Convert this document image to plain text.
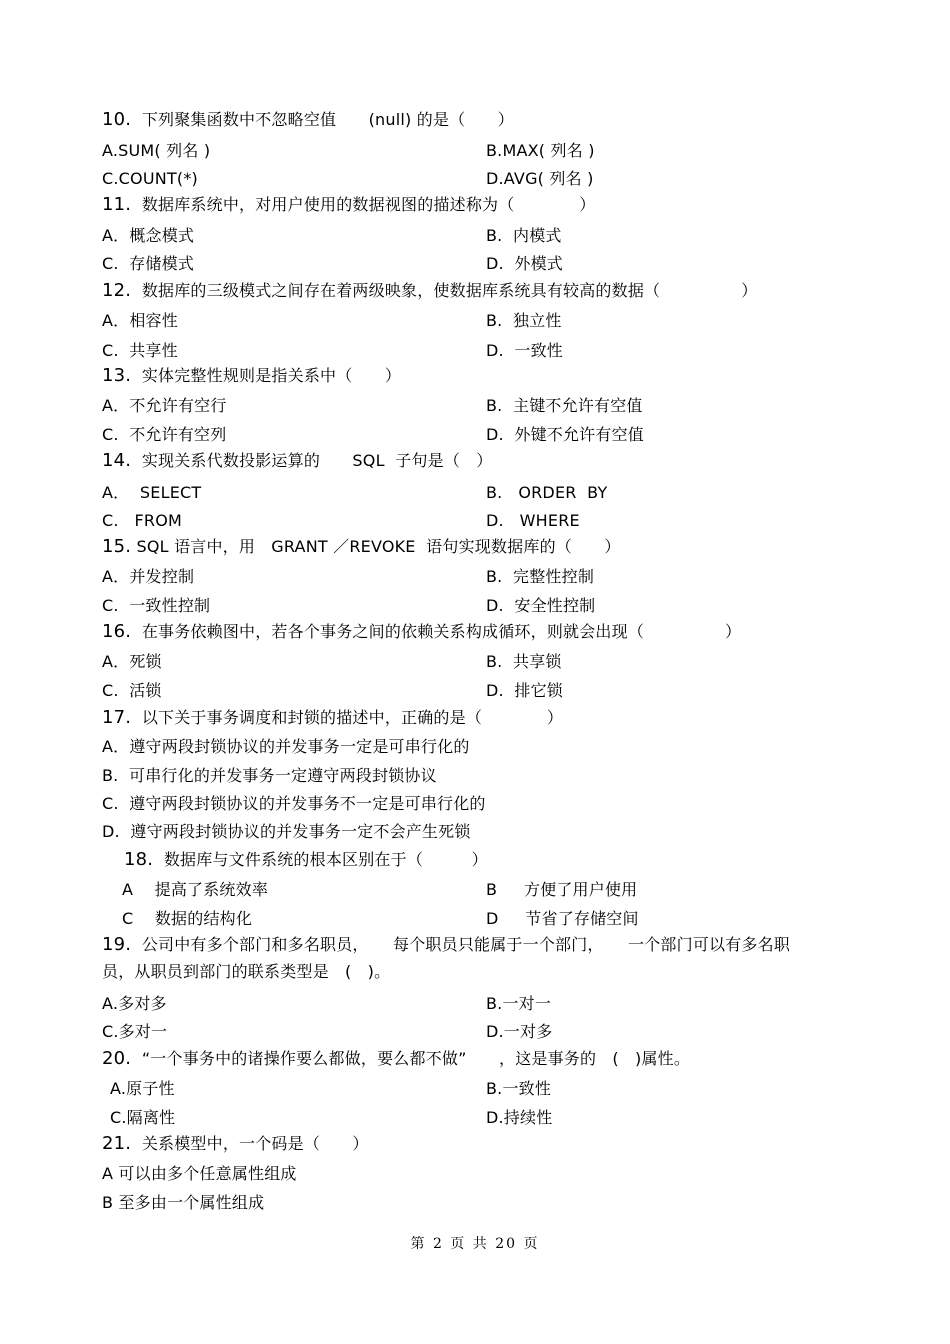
10. 下列聚集函数中不忽略空值　　(null) 的是（　　）
A.SUM( 列名 )	B.MAX( 列名 )
C.COUNT(*)	D.AVG( 列名 )
11. 数据库系统中，对用户使用的数据视图的描述称为（　　　　）
A．概念模式	B.  内模式
C.  存储模式	D.  外模式
12. 数据库的三级模式之间存在着两级映象，使数据库系统具有较高的数据（　　　　　）
A．相容性	B.  独立性
C.  共享性	D.  一致性
13. 实体完整性规则是指关系中（　　）
A．不允许有空行	B.  主键不允许有空值
C.  不允许有空列	D.  外键不允许有空值
14. 实现关系代数投影运算的　　SQL  子句是（　）
A．  SELECT	B.   ORDER  BY
C.   FROM	D.   WHERE
15. SQL 语言中，用　GRANT ／REVOKE  语句实现数据库的（　　）
A．并发控制	B.  完整性控制
C.  一致性控制	D.  安全性控制
16. 在事务依赖图中，若各个事务之间的依赖关系构成循环，则就会出现（　　　　　）
A．死锁	B.  共享锁
C.  活锁	D.  排它锁
17. 以下关于事务调度和封锁的描述中，正确的是（　　　　）
A．遵守两段封锁协议的并发事务一定是可串行化的
B.  可串行化的并发事务一定遵守两段封锁协议
C.  遵守两段封锁协议的并发事务不一定是可串行化的
D.  遵守两段封锁协议的并发事务一定不会产生死锁
18. 数据库与文件系统的根本区别在于（　　　）
A　 提高了系统效率	B　  方便了用户使用
C　 数据的结构化	D　  节省了存储空间
19. 公司中有多个部门和多名职员，　　每个职员只能属于一个部门，　　一个部门可以有多名职
员，从职员到部门的联系类型是　(　)。
A.多对多	B.一对一
C.多对一	D.一对多
20. “一个事务中的诸操作要么都做，要么都不做”　　，这是事务的　(　)属性。
A.原子性	B.一致性
C.隔离性	D.持续性
21. 关系模型中，一个码是（　　）
A 可以由多个任意属性组成
B 至多由一个属性组成
第 2 页 共 20 页
